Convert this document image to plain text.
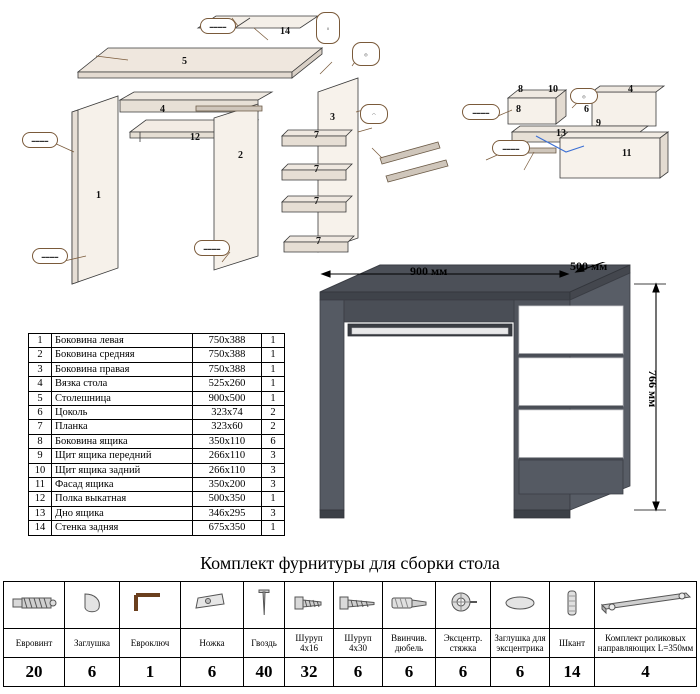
▬▬▬▬
▬▬▬▬
▬▬▬▬
▬▬▬▬	‖
◎
◠	▬▬▬▬
▬▬▬▬
◎
14
5
4
12
2
1
3
7
7
7
7
10
8
13
9
8	4
11
6
1	Боковина левая	750x388	1
2	Боковина средняя	750x388	1
3	Боковина правая	750x388	1
4	Вязка стола	525x260	1
5	Столешница	900x500	1
6	Цоколь	323x74	2
7	Планка	323x60	2
8	Боковина ящика	350x110	6
9	Щит ящика передний	266x110	3
10	Щит ящика задний	266x110	3
11	Фасад ящика	350x200	3
12	Полка выкатная	500x350	1
13	Дно ящика	346x295	3
14	Стенка задняя	675x350	1
900 мм	500 мм
766 мм
Комплект фурнитуры для сборки стола

Евровинт	Заглушка	Евроключ	Ножка	Гвоздь	Шуруп 4х16	Шуруп 4х30	Ввинчив. дюбель	Эксцентр. стяжка	Заглушка для эксцентрика	Шкант	Комплект роликовых направляющих L=350мм
20	6	1	6	40	32	6	6	6	6	14	4
